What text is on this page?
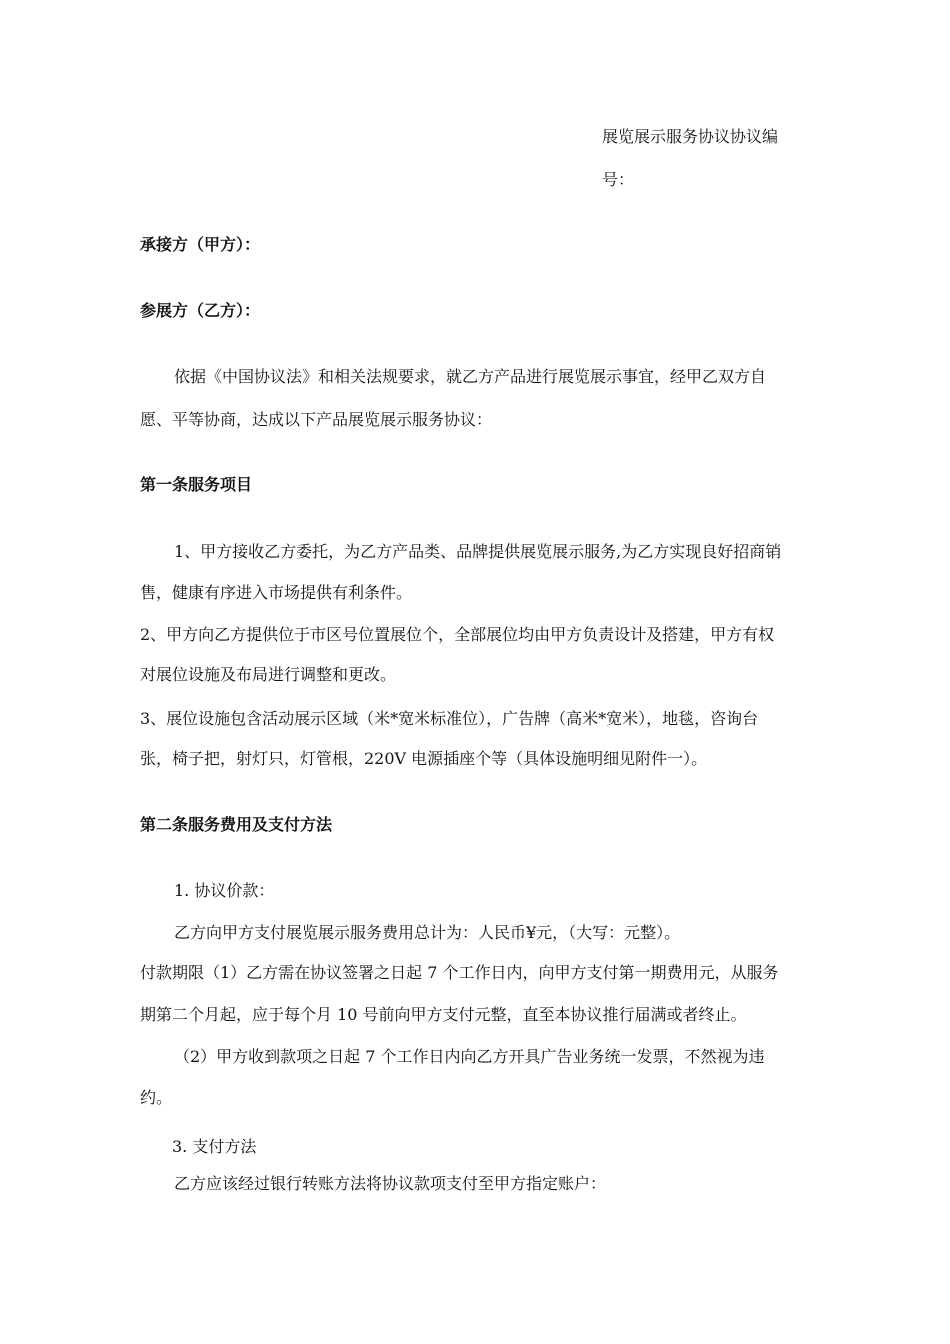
展览展示服务协议协议编
号：
承接方（甲方）：
参展方（乙方）：
依据《中国协议法》和相关法规要求，就乙方产品进行展览展示事宜，经甲乙双方自
愿、平等协商，达成以下产品展览展示服务协议：
第一条服务项目
1、甲方接收乙方委托，为乙方产品类、品牌提供展览展示服务,为乙方实现良好招商销
售，健康有序进入市场提供有利条件。
2、甲方向乙方提供位于市区号位置展位个，全部展位均由甲方负责设计及搭建，甲方有权
对展位设施及布局进行调整和更改。
3、展位设施包含活动展示区域（米*宽米标准位），广告牌（高米*宽米），地毯，咨询台
张，椅子把，射灯只，灯管根，220V 电源插座个等（具体设施明细见附件一）。
第二条服务费用及支付方法
1. 协议价款：
乙方向甲方支付展览展示服务费用总计为：人民币¥元，（大写：元整）。
付款期限（1）乙方需在协议签署之日起 7 个工作日内，向甲方支付第一期费用元，从服务
期第二个月起，应于每个月 10 号前向甲方支付元整，直至本协议推行届满或者终止。
（2）甲方收到款项之日起 7 个工作日内向乙方开具广告业务统一发票，不然视为违
约。
3. 支付方法
乙方应该经过银行转账方法将协议款项支付至甲方指定账户：
